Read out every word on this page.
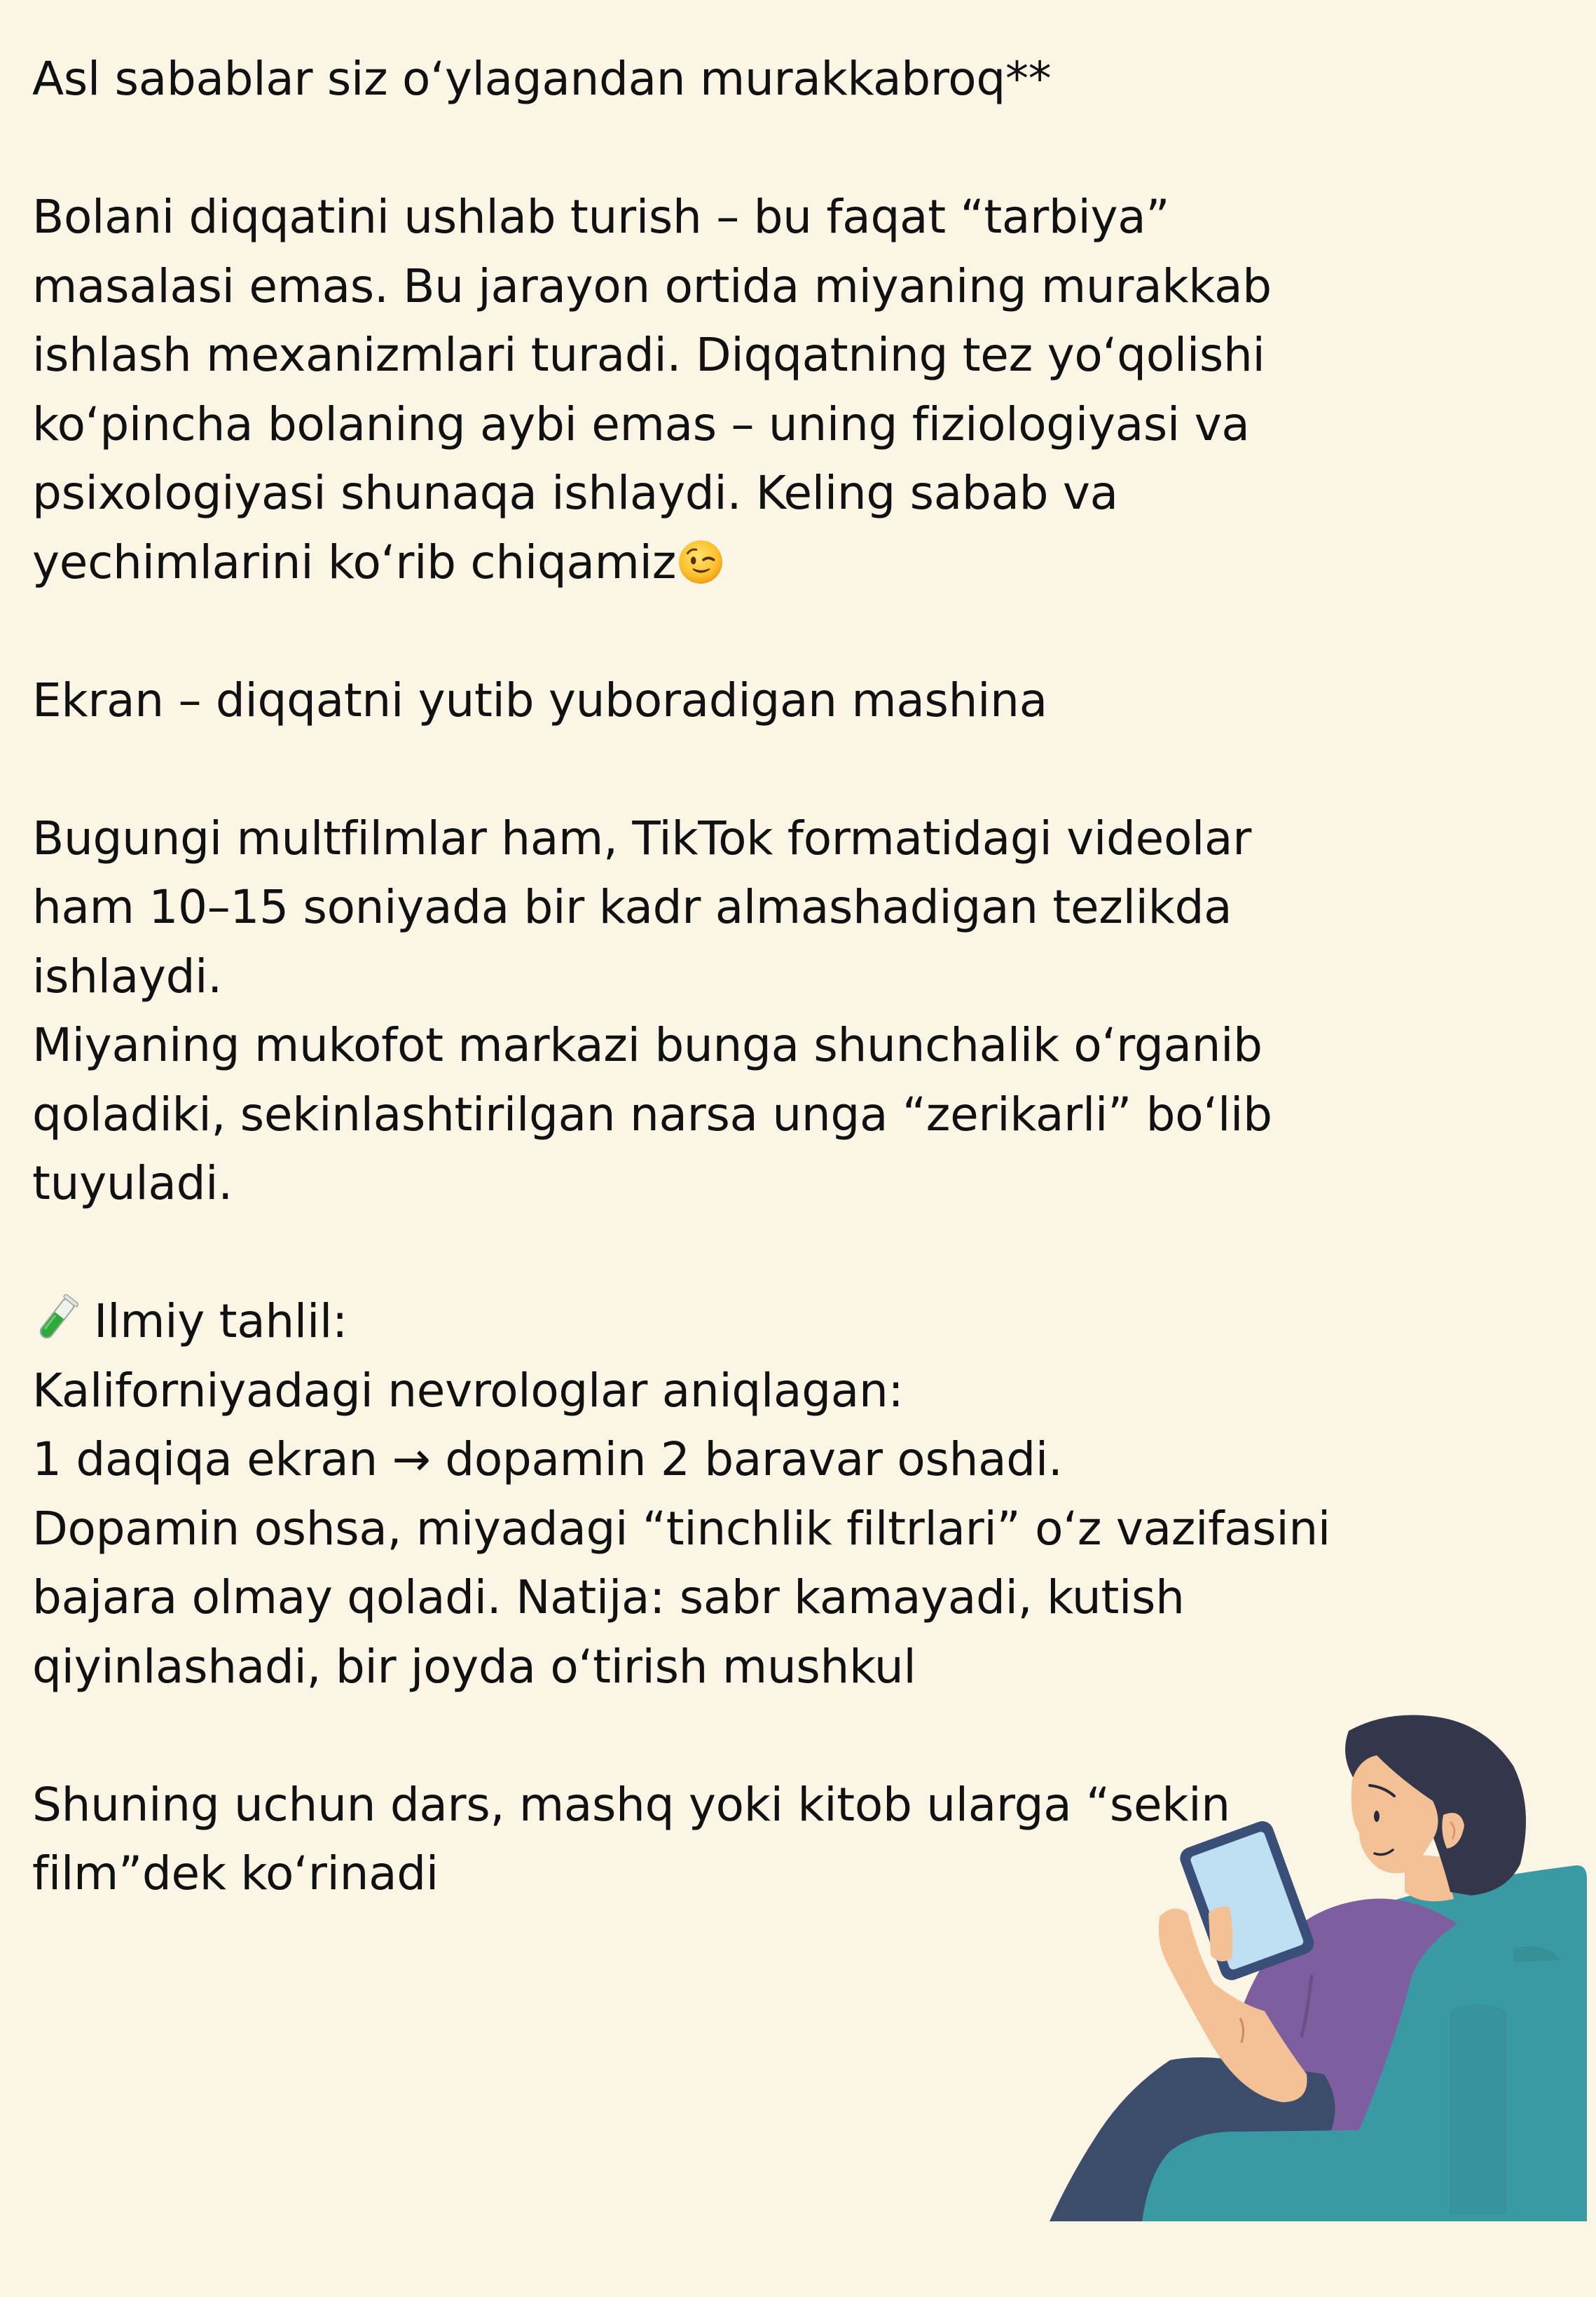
Asl sabablar siz o‘ylagandan murakkabroq**
Bolani diqqatini ushlab turish – bu faqat “tarbiya”
masalasi emas. Bu jarayon ortida miyaning murakkab
ishlash mexanizmlari turadi. Diqqatning tez yo‘qolishi
ko‘pincha bolaning aybi emas – uning fiziologiyasi va
psixologiyasi shunaqa ishlaydi. Keling sabab va
yechimlarini ko‘rib chiqamiz
Ekran – diqqatni yutib yuboradigan mashina
Bugungi multfilmlar ham, TikTok formatidagi videolar
ham 10–15 soniyada bir kadr almashadigan tezlikda
ishlaydi.
Miyaning mukofot markazi bunga shunchalik o‘rganib
qoladiki, sekinlashtirilgan narsa unga “zerikarli” bo‘lib
tuyuladi.
Ilmiy tahlil:
Kaliforniyadagi nevrologlar aniqlagan:
1 daqiqa ekran → dopamin 2 baravar oshadi.
Dopamin oshsa, miyadagi “tinchlik filtrlari” o‘z vazifasini
bajara olmay qoladi. Natija: sabr kamayadi, kutish
qiyinlashadi, bir joyda o‘tirish mushkul
Shuning uchun dars, mashq yoki kitob ularga “sekin
film”dek ko‘rinadi
